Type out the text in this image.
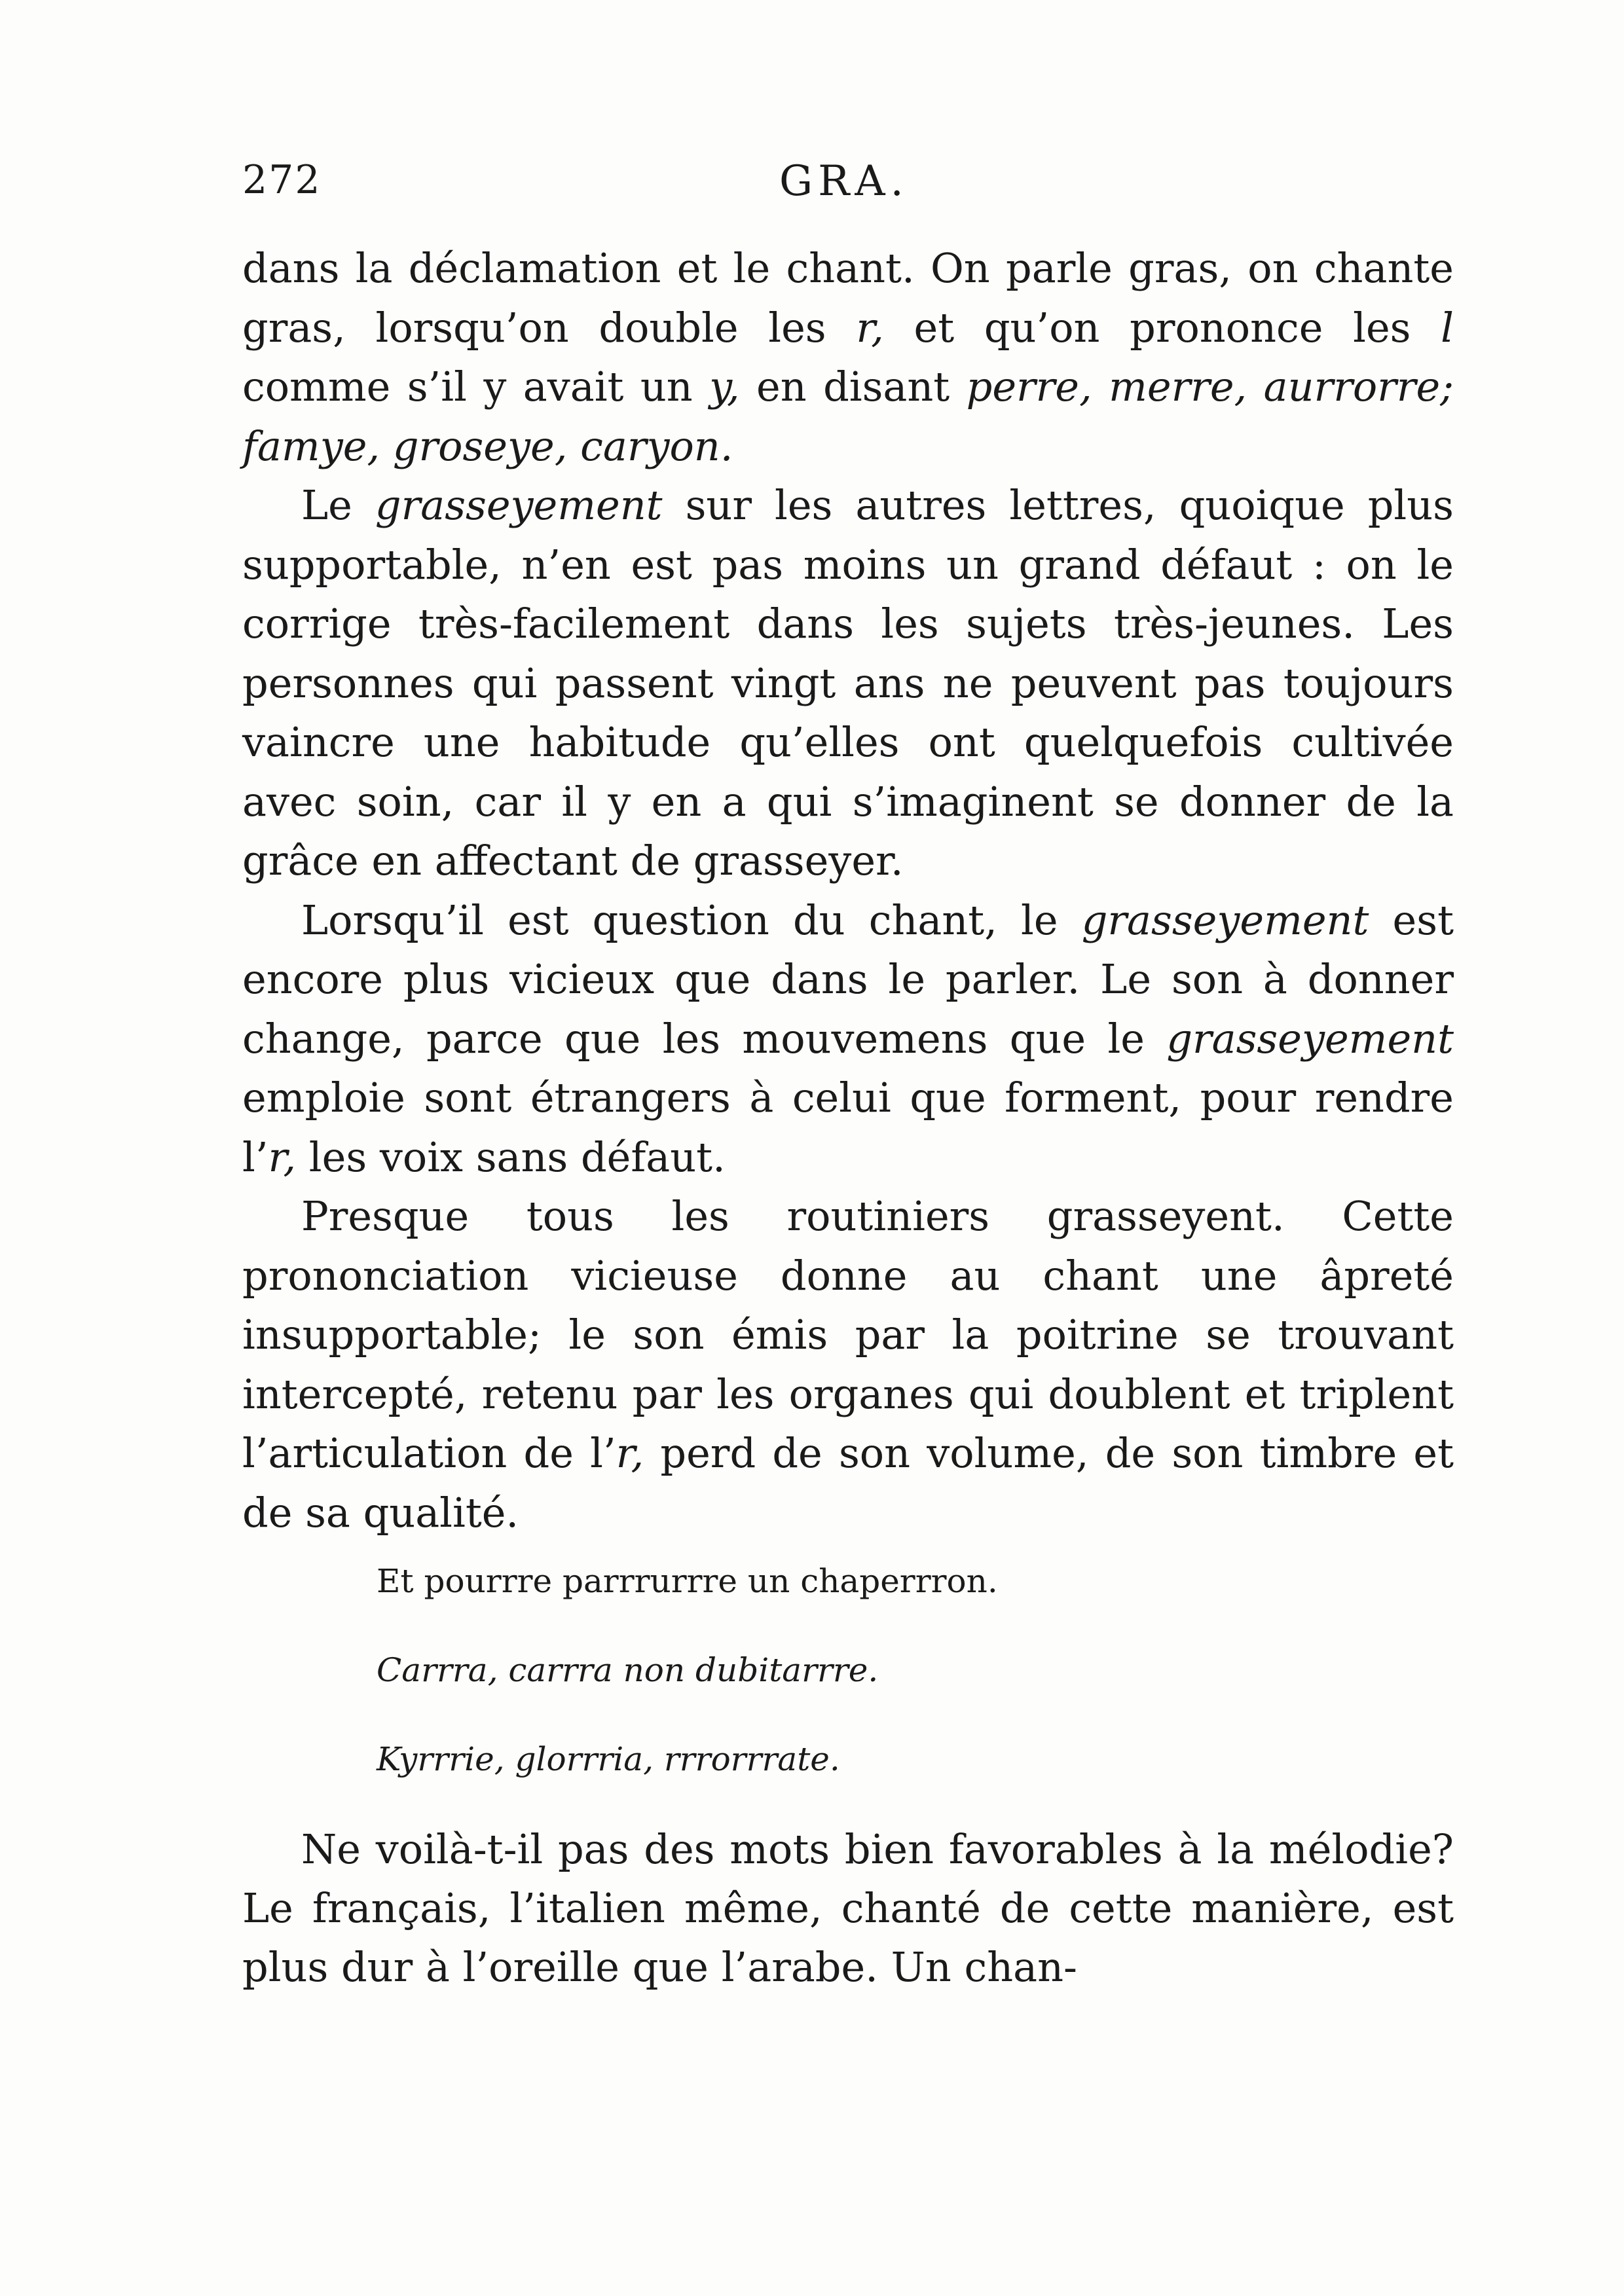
272	GRA.

dans la déclamation et le chant. On parle gras, on chante gras, lorsqu’on double les r, et qu’on prononce les l comme s’il y avait un y, en disant perre, merre, aurrorre; famye, groseye, caryon.

Le grasseyement sur les autres lettres, quoique plus supportable, n’en est pas moins un grand défaut : on le corrige très-facilement dans les sujets très-jeunes. Les personnes qui passent vingt ans ne peuvent pas toujours vaincre une habitude qu’elles ont quelquefois cultivée avec soin, car il y en a qui s’imaginent se donner de la grâce en affectant de grasseyer.

Lorsqu’il est question du chant, le grasseyement est encore plus vicieux que dans le parler. Le son à donner change, parce que les mouvemens que le grasseyement emploie sont étrangers à celui que forment, pour rendre l’r, les voix sans défaut.

Presque tous les routiniers grasseyent. Cette prononciation vicieuse donne au chant une âpreté insupportable; le son émis par la poitrine se trouvant intercepté, retenu par les organes qui doublent et triplent l’articulation de l’r, perd de son volume, de son timbre et de sa qualité.

Et pourrre parrrurrre un chaperrron.
Carrra, carrra non dubitarrre.
Kyrrrie, glorrria, rrrorrrate.

Ne voilà-t-il pas des mots bien favorables à la mélodie? Le français, l’italien même, chanté de cette manière, est plus dur à l’oreille que l’arabe. Un chan-
